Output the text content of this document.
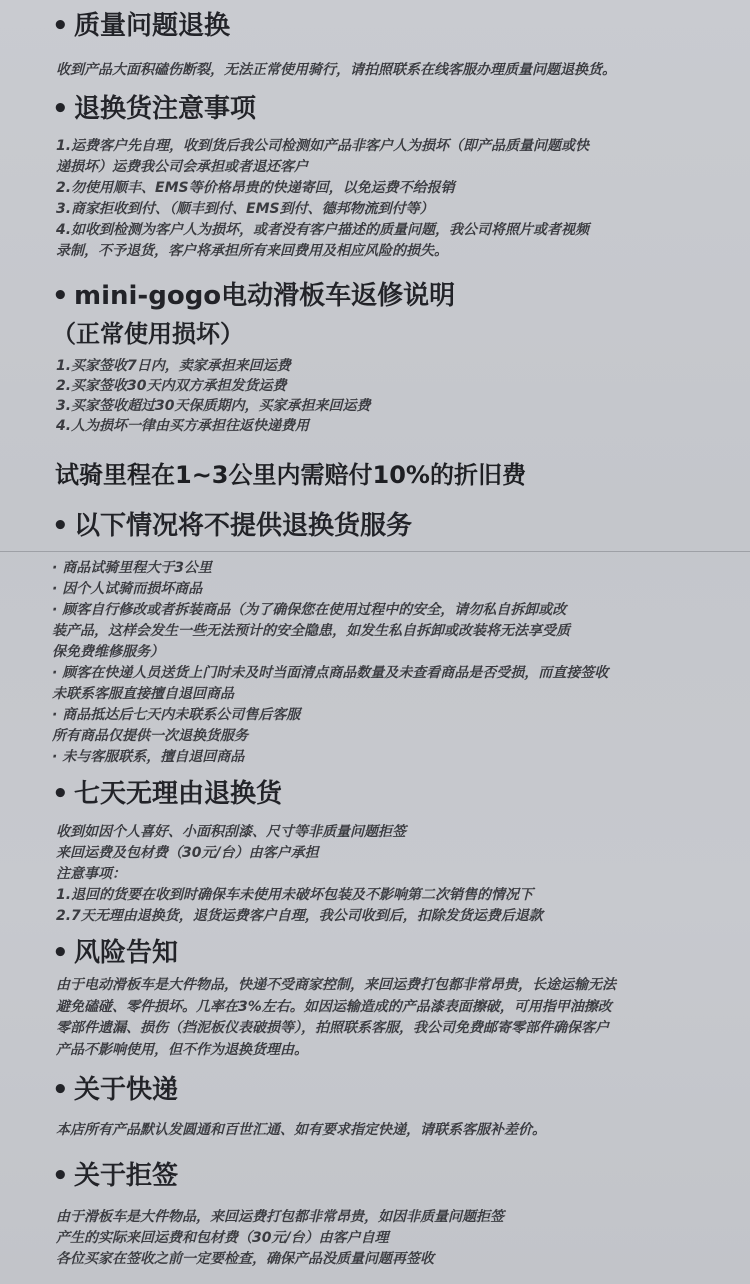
• 质量问题退换
收到产品大面积磕伤断裂，无法正常使用骑行，请拍照联系在线客服办理质量问题退换货。
• 退换货注意事项
1.运费客户先自理，收到货后我公司检测如产品非客户人为损坏（即产品质量问题或快
递损坏）运费我公司会承担或者退还客户
2.勿使用顺丰、EMS等价格昂贵的快递寄回，以免运费不给报销
3.商家拒收到付、（顺丰到付、EMS到付、德邦物流到付等）
4.如收到检测为客户人为损坏，或者没有客户描述的质量问题，我公司将照片或者视频
录制，不予退货，客户将承担所有来回费用及相应风险的损失。
• mini-gogo电动滑板车返修说明
（正常使用损坏）
1.买家签收7日内，卖家承担来回运费
2.买家签收30天内双方承担发货运费
3.买家签收超过30天保质期内，买家承担来回运费
4.人为损坏一律由买方承担往返快递费用
试骑里程在1~3公里内需赔付10%的折旧费
• 以下情况将不提供退换货服务
· 商品试骑里程大于3公里
· 因个人试骑而损坏商品
· 顾客自行修改或者拆装商品（为了确保您在使用过程中的安全，请勿私自拆卸或改
装产品，这样会发生一些无法预计的安全隐患，如发生私自拆卸或改装将无法享受质
保免费维修服务）
· 顾客在快递人员送货上门时未及时当面清点商品数量及未查看商品是否受损，而直接签收
未联系客服直接擅自退回商品
· 商品抵达后七天内未联系公司售后客服
所有商品仅提供一次退换货服务
· 未与客服联系，擅自退回商品
• 七天无理由退换货
收到如因个人喜好、小面积刮漆、尺寸等非质量问题拒签
来回运费及包材费（30元/台）由客户承担
注意事项：
1.退回的货要在收到时确保车未使用未破坏包装及不影响第二次销售的情况下
2.7天无理由退换货，退货运费客户自理，我公司收到后，扣除发货运费后退款
• 风险告知
由于电动滑板车是大件物品，快递不受商家控制，来回运费打包都非常昂贵，长途运输无法
避免磕碰、零件损坏。几率在3%左右。如因运输造成的产品漆表面擦破，可用指甲油擦改
零部件遗漏、损伤（挡泥板仪表破损等），拍照联系客服，我公司免费邮寄零部件确保客户
产品不影响使用，但不作为退换货理由。
• 关于快递
本店所有产品默认发圆通和百世汇通、如有要求指定快递，请联系客服补差价。
• 关于拒签
由于滑板车是大件物品，来回运费打包都非常昂贵，如因非质量问题拒签
产生的实际来回运费和包材费（30元/台）由客户自理
各位买家在签收之前一定要检查，确保产品没质量问题再签收
